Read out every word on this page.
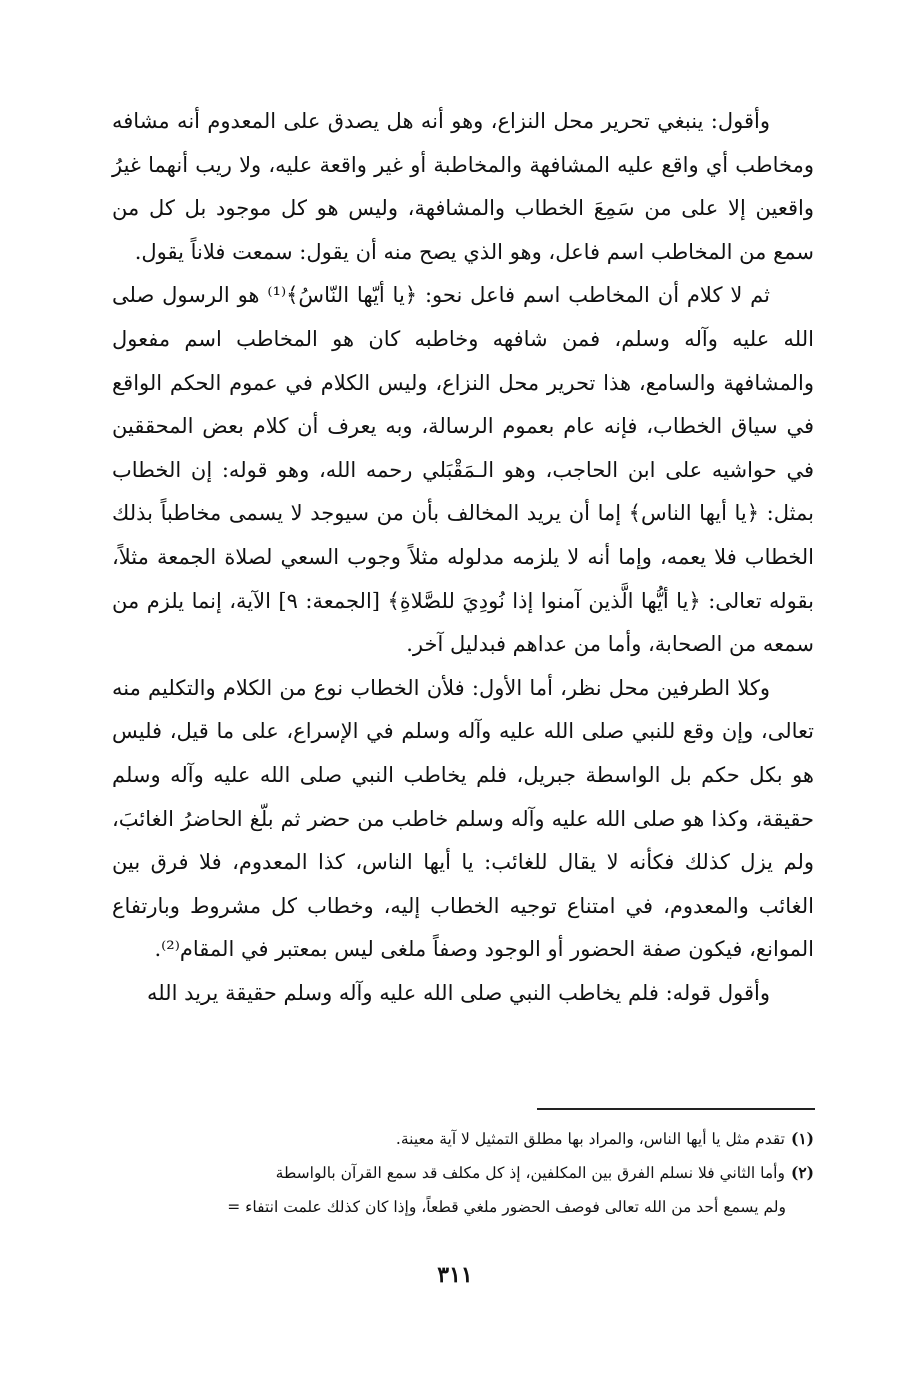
وأقول: ينبغي تحرير محل النزاع، وهو أنه هل يصدق على المعدوم أنه مشافه ومخاطب أي واقع عليه المشافهة والمخاطبة أو غير واقعة عليه، ولا ريب أنهما غيرُ واقعين إلا على من سَمِعَ الخطاب والمشافهة، وليس هو كل موجود بل كل من سمع من المخاطب اسم فاعل، وهو الذي يصح منه أن يقول: سمعت فلاناً يقول.

ثم لا كلام أن المخاطب اسم فاعل نحو: ﴿يا أيّها النّاسُ﴾⁽¹⁾ هو الرسول صلى الله عليه وآله وسلم، فمن شافهه وخاطبه كان هو المخاطب اسم مفعول والمشافهة والسامع، هذا تحرير محل النزاع، وليس الكلام في عموم الحكم الواقع في سياق الخطاب، فإنه عام بعموم الرسالة، وبه يعرف أن كلام بعض المحققين في حواشيه على ابن الحاجب، وهو الـمَقْبَلي رحمه الله، وهو قوله: إن الخطاب بمثل: ﴿يا أيها الناس﴾ إما أن يريد المخالف بأن من سيوجد لا يسمى مخاطباً بذلك الخطاب فلا يعمه، وإما أنه لا يلزمه مدلوله مثلاً وجوب السعي لصلاة الجمعة مثلاً، بقوله تعالى: ﴿يا أيُّها الَّذين آمنوا إذا نُودِيَ للصَّلاةِ﴾ [الجمعة: ٩] الآية، إنما يلزم من سمعه من الصحابة، وأما من عداهم فبدليل آخر.

وكلا الطرفين محل نظر، أما الأول: فلأن الخطاب نوع من الكلام والتكليم منه تعالى، وإن وقع للنبي صلى الله عليه وآله وسلم في الإسراع، على ما قيل، فليس هو بكل حكم بل الواسطة جبريل، فلم يخاطب النبي صلى الله عليه وآله وسلم حقيقة، وكذا هو صلى الله عليه وآله وسلم خاطب من حضر ثم بلّغ الحاضرُ الغائبَ، ولم يزل كذلك فكأنه لا يقال للغائب: يا أيها الناس، كذا المعدوم، فلا فرق بين الغائب والمعدوم، في امتناع توجيه الخطاب إليه، وخطاب كل مشروط وبارتفاع الموانع، فيكون صفة الحضور أو الوجود وصفاً ملغى ليس بمعتبر في المقام⁽²⁾.

وأقول قوله: فلم يخاطب النبي صلى الله عليه وآله وسلم حقيقة يريد الله

(١)تقدم مثل يا أيها الناس، والمراد بها مطلق التمثيل لا آية معينة.

(٢)وأما الثاني فلا نسلم الفرق بين المكلفين، إذ كل مكلف قد سمع القرآن بالواسطة

ولم يسمع أحد من الله تعالى فوصف الحضور ملغي قطعاً، وإذا كان كذلك علمت انتفاء =

٣١١
